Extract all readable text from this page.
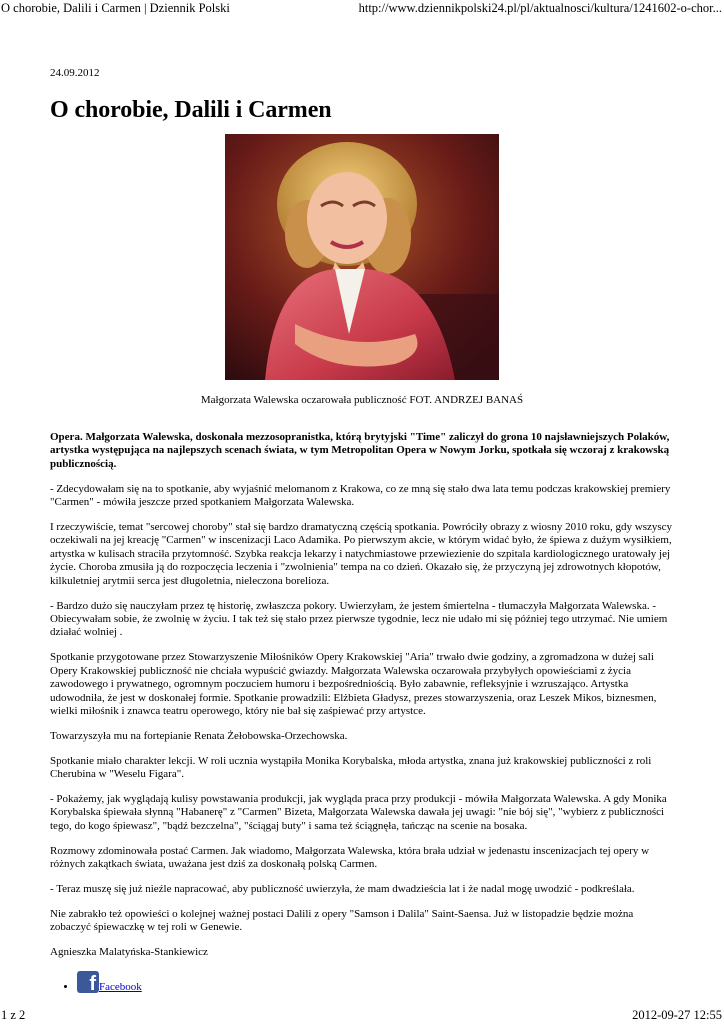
O chorobie, Dalili i Carmen | Dziennik Polski	http://www.dziennikpolski24.pl/pl/aktualnosci/kultura/1241602-o-chor...

24.09.2012

O chorobie, Dalili i Carmen
Małgorzata Walewska oczarowała publiczność FOT. ANDRZEJ BANAŚ

Opera. Małgorzata Walewska, doskonała mezzosopranistka, którą brytyjski "Time" zaliczył do grona 10 najsławniejszych Polaków, artystka występująca na najlepszych scenach świata, w tym Metropolitan Opera w Nowym Jorku, spotkała się wczoraj z krakowską publicznością.

- Zdecydowałam się na to spotkanie, aby wyjaśnić melomanom z Krakowa, co ze mną się stało dwa lata temu podczas krakowskiej premiery "Carmen" - mówiła jeszcze przed spotkaniem Małgorzata Walewska.

I rzeczywiście, temat "sercowej choroby" stał się bardzo dramatyczną częścią spotkania. Powróciły obrazy z wiosny 2010 roku, gdy wszyscy oczekiwali na jej kreację "Carmen" w inscenizacji Laco Adamika. Po pierwszym akcie, w którym widać było, że śpiewa z dużym wysiłkiem, artystka w kulisach straciła przytomność. Szybka reakcja lekarzy i natychmiastowe przewiezienie do szpitala kardiologicznego uratowały jej życie. Choroba zmusiła ją do rozpoczęcia leczenia i "zwolnienia" tempa na co dzień. Okazało się, że przyczyną jej zdrowotnych kłopotów, kilkuletniej arytmii serca jest długoletnia, nieleczona borelioza.

- Bardzo dużo się nauczyłam przez tę historię, zwłaszcza pokory. Uwierzyłam, że jestem śmiertelna - tłumaczyła Małgorzata Walewska. - Obiecywałam sobie, że zwolnię w życiu. I tak też się stało przez pierwsze tygodnie, lecz nie udało mi się później tego utrzymać. Nie umiem działać wolniej .

Spotkanie przygotowane przez Stowarzyszenie Miłośników Opery Krakowskiej "Aria" trwało dwie godziny, a zgromadzona w dużej sali Opery Krakowskiej publiczność nie chciała wypuścić gwiazdy. Małgorzata Walewska oczarowała przybyłych opowieściami z życia zawodowego i prywatnego, ogromnym poczuciem humoru i bezpośredniością. Było zabawnie, refleksyjnie i wzruszająco. Artystka udowodniła, że jest w doskonałej formie. Spotkanie prowadzili: Elżbieta Gładysz, prezes stowarzyszenia, oraz Leszek Mikos, biznesmen, wielki miłośnik i znawca teatru operowego, który nie bał się zaśpiewać przy artystce.

Towarzyszyła mu na fortepianie Renata Żełobowska-Orzechowska.

Spotkanie miało charakter lekcji. W roli ucznia wystąpiła Monika Korybalska, młoda artystka, znana już krakowskiej publiczności z roli Cherubina w "Weselu Figara".

- Pokażemy, jak wyglądają kulisy powstawania produkcji, jak wygląda praca przy produkcji - mówiła Małgorzata Walewska. A gdy Monika Korybalska śpiewała słynną "Habanerę" z "Carmen" Bizeta, Małgorzata Walewska dawała jej uwagi: "nie bój się", "wybierz z publiczności tego, do kogo śpiewasz", "bądź bezczelna", "ściągaj buty" i sama też ściągnęła, tańcząc na scenie na bosaka.

Rozmowy zdominowała postać Carmen. Jak wiadomo, Małgorzata Walewska, która brała udział w jedenastu inscenizacjach tej opery w różnych zakątkach świata, uważana jest dziś za doskonałą polską Carmen.

- Teraz muszę się już nieźle napracować, aby publiczność uwierzyła, że mam dwadzieścia lat i że nadal mogę uwodzić - podkreślała.

Nie zabrakło też opowieści o kolejnej ważnej postaci Dalili z opery "Samson i Dalila" Saint-Saensa. Już w listopadzie będzie można zobaczyć śpiewaczkę w tej roli w Genewie.

Agnieszka Malatyńska-Stankiewicz

• f Facebook
1 z 2	2012-09-27 12:55
